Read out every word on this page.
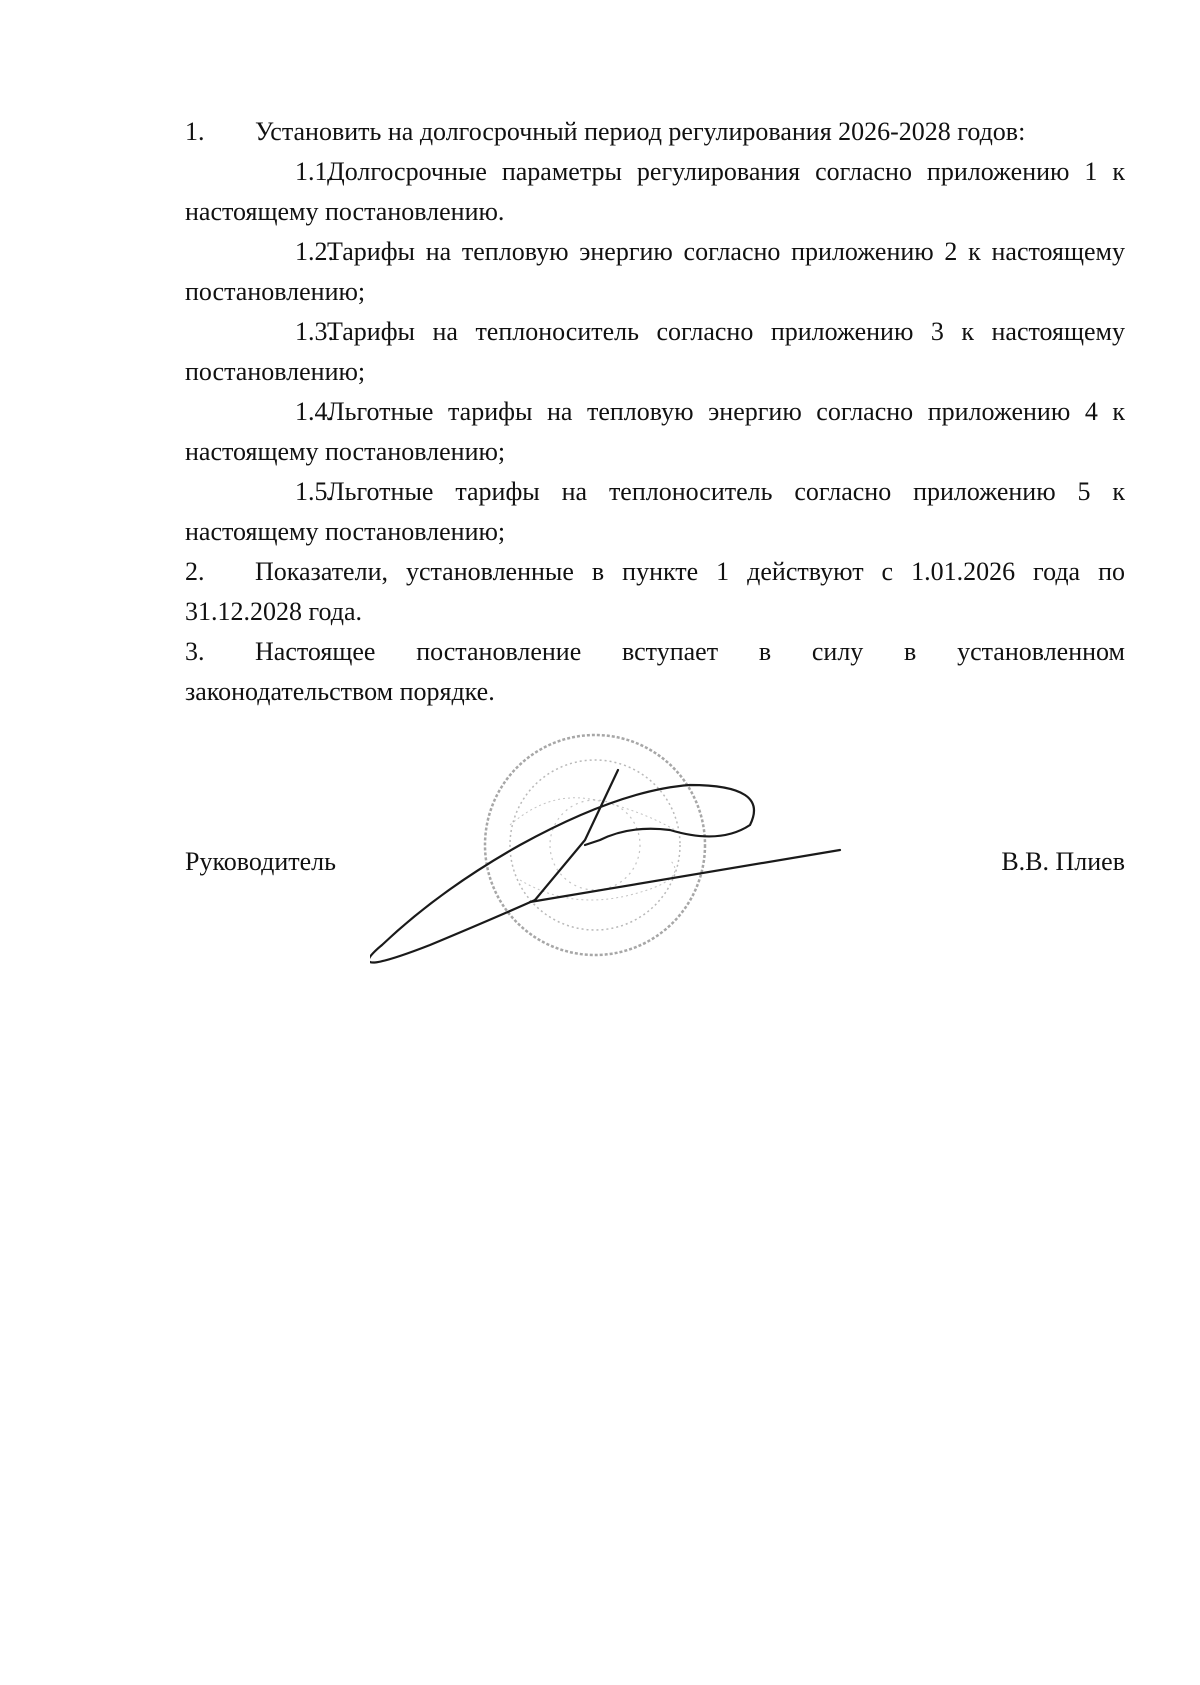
1. Установить на долгосрочный период регулирования 2026-2028 годов:

1.1.Долгосрочные параметры регулирования согласно приложению 1 к настоящему постановлению.

1.2.Тарифы на тепловую энергию согласно приложению 2 к настоящему постановлению;

1.3.Тарифы на теплоноситель согласно приложению 3 к настоящему постановлению;

1.4.Льготные тарифы на тепловую энергию согласно приложению 4 к настоящему постановлению;

1.5.Льготные тарифы на теплоноситель согласно приложению 5 к настоящему постановлению;

2. Показатели, установленные в пункте 1 действуют с 1.01.2026 года по 31.12.2028 года.

3. Настоящее постановление вступает в силу в установленном законодательством порядке.

Руководитель	В.В. Плиев
